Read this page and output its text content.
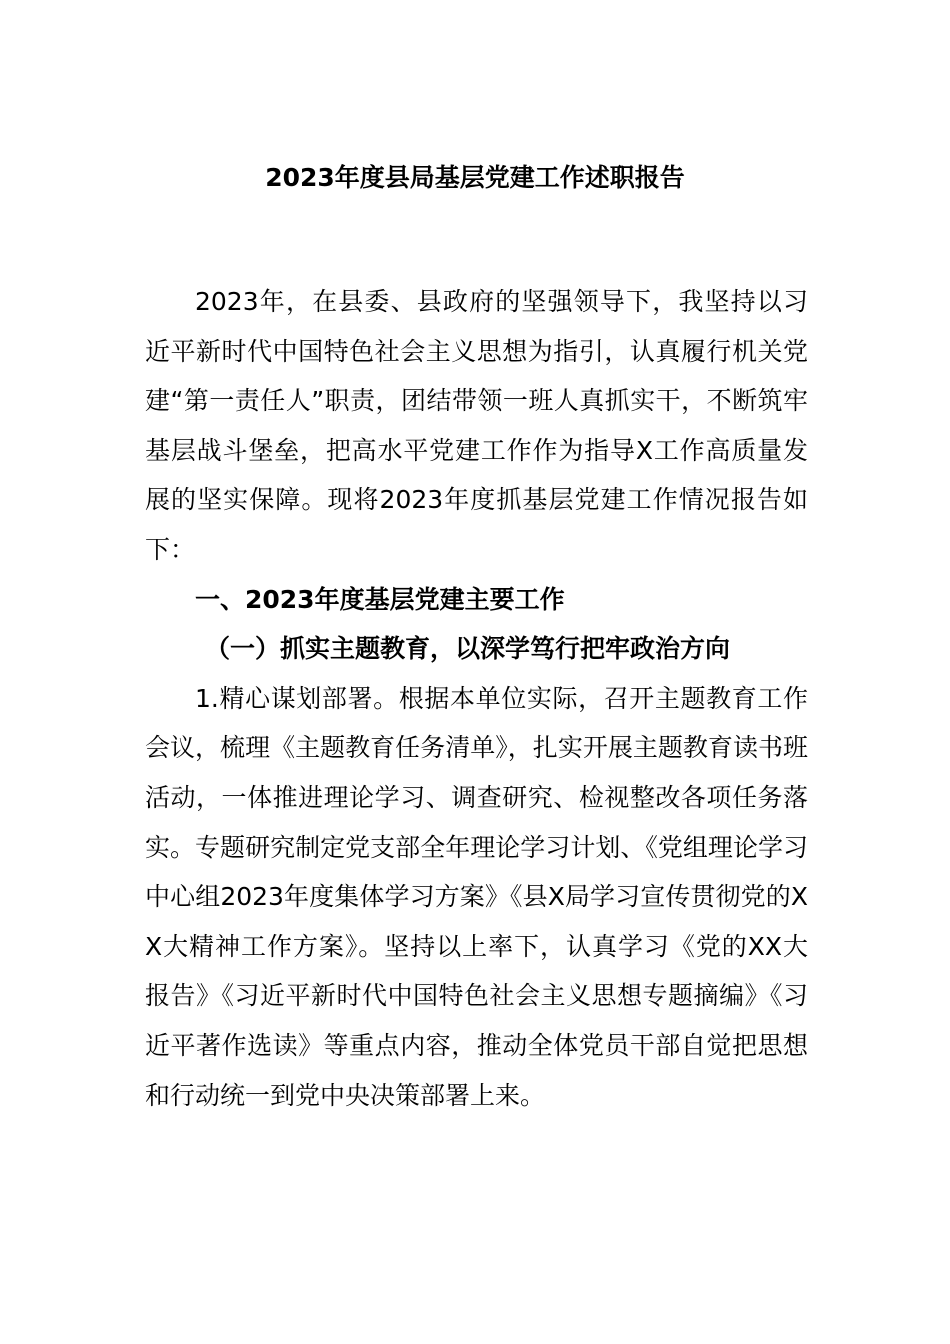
2023年度县局基层党建工作述职报告

2023年，在县委、县政府的坚强领导下，我坚持以习近平新时代中国特色社会主义思想为指引，认真履行机关党建“第一责任人”职责，团结带领一班人真抓实干，不断筑牢基层战斗堡垒，把高水平党建工作作为指导X工作高质量发展的坚实保障。现将2023年度抓基层党建工作情况报告如下：

一、2023年度基层党建主要工作

（一）抓实主题教育，以深学笃行把牢政治方向

1.精心谋划部署。根据本单位实际，召开主题教育工作会议，梳理《主题教育任务清单》，扎实开展主题教育读书班活动，一体推进理论学习、调查研究、检视整改各项任务落实。专题研究制定党支部全年理论学习计划、《党组理论学习中心组2023年度集体学习方案》《县X局学习宣传贯彻党的XX大精神工作方案》。坚持以上率下，认真学习《党的XX大报告》《习近平新时代中国特色社会主义思想专题摘编》《习近平著作选读》等重点内容，推动全体党员干部自觉把思想和行动统一到党中央决策部署上来。
